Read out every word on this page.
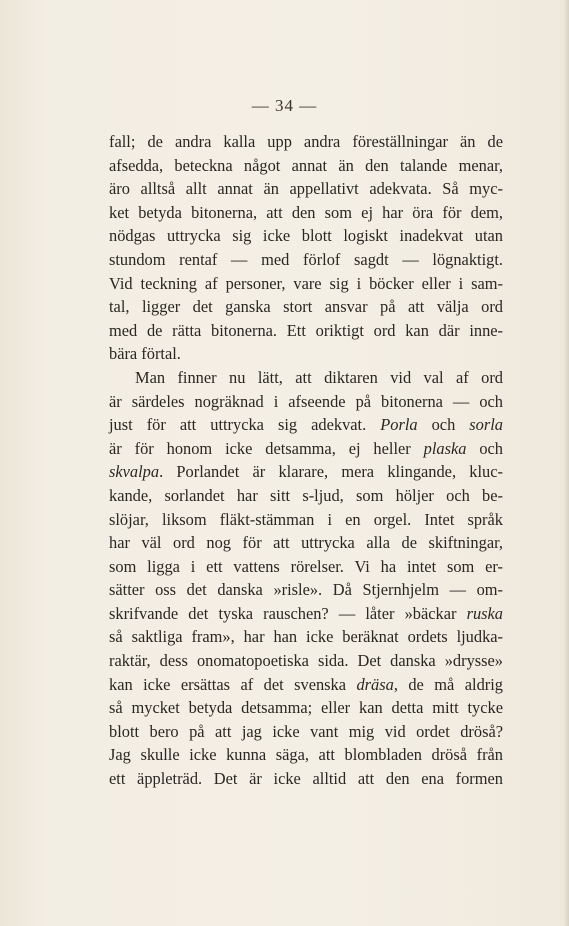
— 34 —
fall; de andra kalla upp andra föreställningar än de
afsedda, beteckna något annat än den talande menar,
äro alltså allt annat än appellativt adekvata. Så myc-
ket betyda bitonerna, att den som ej har öra för dem,
nödgas uttrycka sig icke blott logiskt inadekvat utan
stundom rentaf — med förlof sagdt — lögnaktigt.
Vid teckning af personer, vare sig i böcker eller i sam-
tal, ligger det ganska stort ansvar på att välja ord
med de rätta bitonerna. Ett oriktigt ord kan där inne-
bära förtal.
Man finner nu lätt, att diktaren vid val af ord
är särdeles nogräknad i afseende på bitonerna — och
just för att uttrycka sig adekvat. Porla och sorla
är för honom icke detsamma, ej heller plaska och
skvalpa. Porlandet är klarare, mera klingande, kluc-
kande, sorlandet har sitt s-ljud, som höljer och be-
slöjar, liksom fläkt-stämman i en orgel. Intet språk
har väl ord nog för att uttrycka alla de skiftningar,
som ligga i ett vattens rörelser. Vi ha intet som er-
sätter oss det danska »risle». Då Stjernhjelm — om-
skrifvande det tyska rauschen? — låter »bäckar ruska
så saktliga fram», har han icke beräknat ordets ljudka-
raktär, dess onomatopoetiska sida. Det danska »drysse»
kan icke ersättas af det svenska dräsa, de må aldrig
så mycket betyda detsamma; eller kan detta mitt tycke
blott bero på att jag icke vant mig vid ordet dröså?
Jag skulle icke kunna säga, att blombladen dröså från
ett äppleträd. Det är icke alltid att den ena formen
